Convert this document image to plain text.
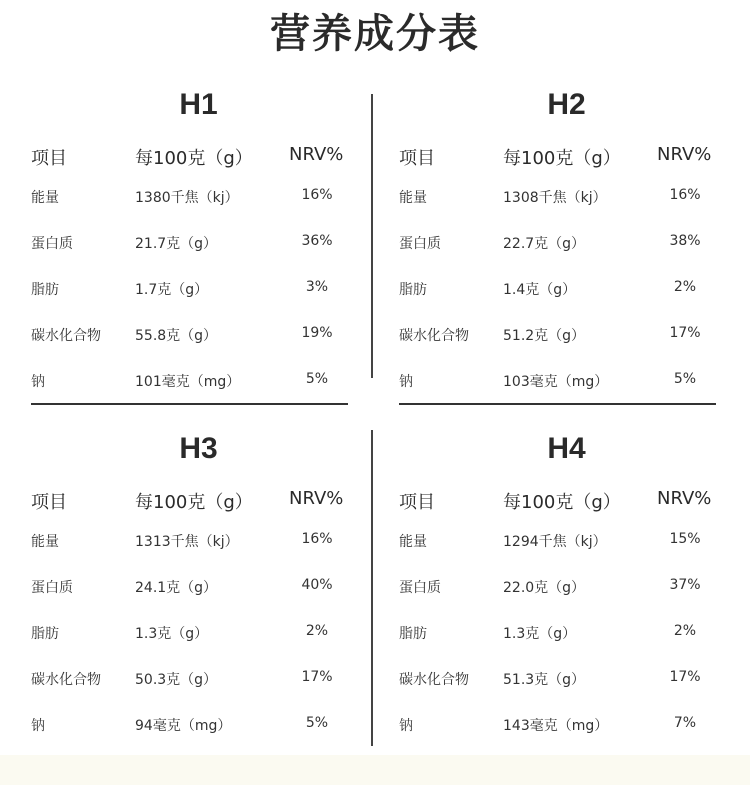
营养成分表
H1
项目	每100克（g） NRV%
能量	1380千焦（kj）	16%
蛋白质	21.7克（g）	36%
脂肪	1.7克（g）	3%
碳水化合物 55.8克（g）	19%
钠	101毫克（mg）	5%
H2
项目	每100克（g） NRV%
能量	1308千焦（kj）	16%
蛋白质	22.7克（g）	38%
脂肪	1.4克（g）	2%
碳水化合物 51.2克（g）	17%
钠	103毫克（mg）	5%
H3
项目	每100克（g） NRV%
能量	1313千焦（kj）	16%
蛋白质	24.1克（g）	40%
脂肪	1.3克（g）	2%
碳水化合物 50.3克（g）	17%
钠	94毫克（mg）	5%
H4
项目	每100克（g） NRV%
能量	1294千焦（kj）	15%
蛋白质	22.0克（g）	37%
脂肪	1.3克（g）	2%
碳水化合物 51.3克（g）	17%
钠	143毫克（mg）	7%
